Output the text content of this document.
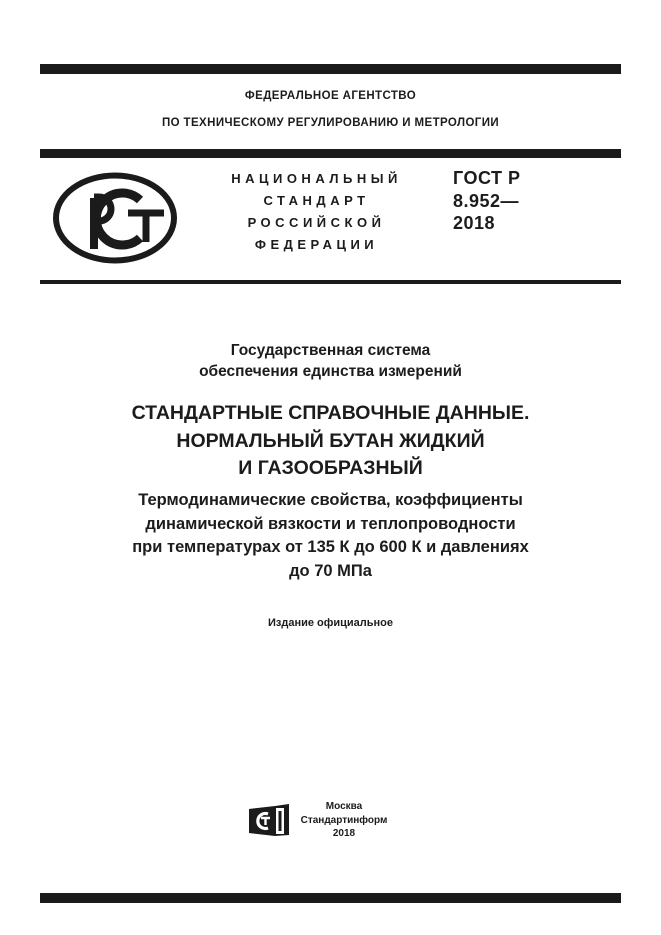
ФЕДЕРАЛЬНОЕ АГЕНТСТВО
ПО ТЕХНИЧЕСКОМУ РЕГУЛИРОВАНИЮ И МЕТРОЛОГИИ
НАЦИОНАЛЬНЫЙ
СТАНДАРТ
РОССИЙСКОЙ
ФЕДЕРАЦИИ
ГОСТ Р
8.952—
2018
Государственная система
обеспечения единства измерений
СТАНДАРТНЫЕ СПРАВОЧНЫЕ ДАННЫЕ.
НОРМАЛЬНЫЙ БУТАН ЖИДКИЙ
И ГАЗООБРАЗНЫЙ
Термодинамические свойства, коэффициенты
динамической вязкости и теплопроводности
при температурах от 135 К до 600 К и давлениях
до 70 МПа
Издание официальное
Москва
Стандартинформ
2018
